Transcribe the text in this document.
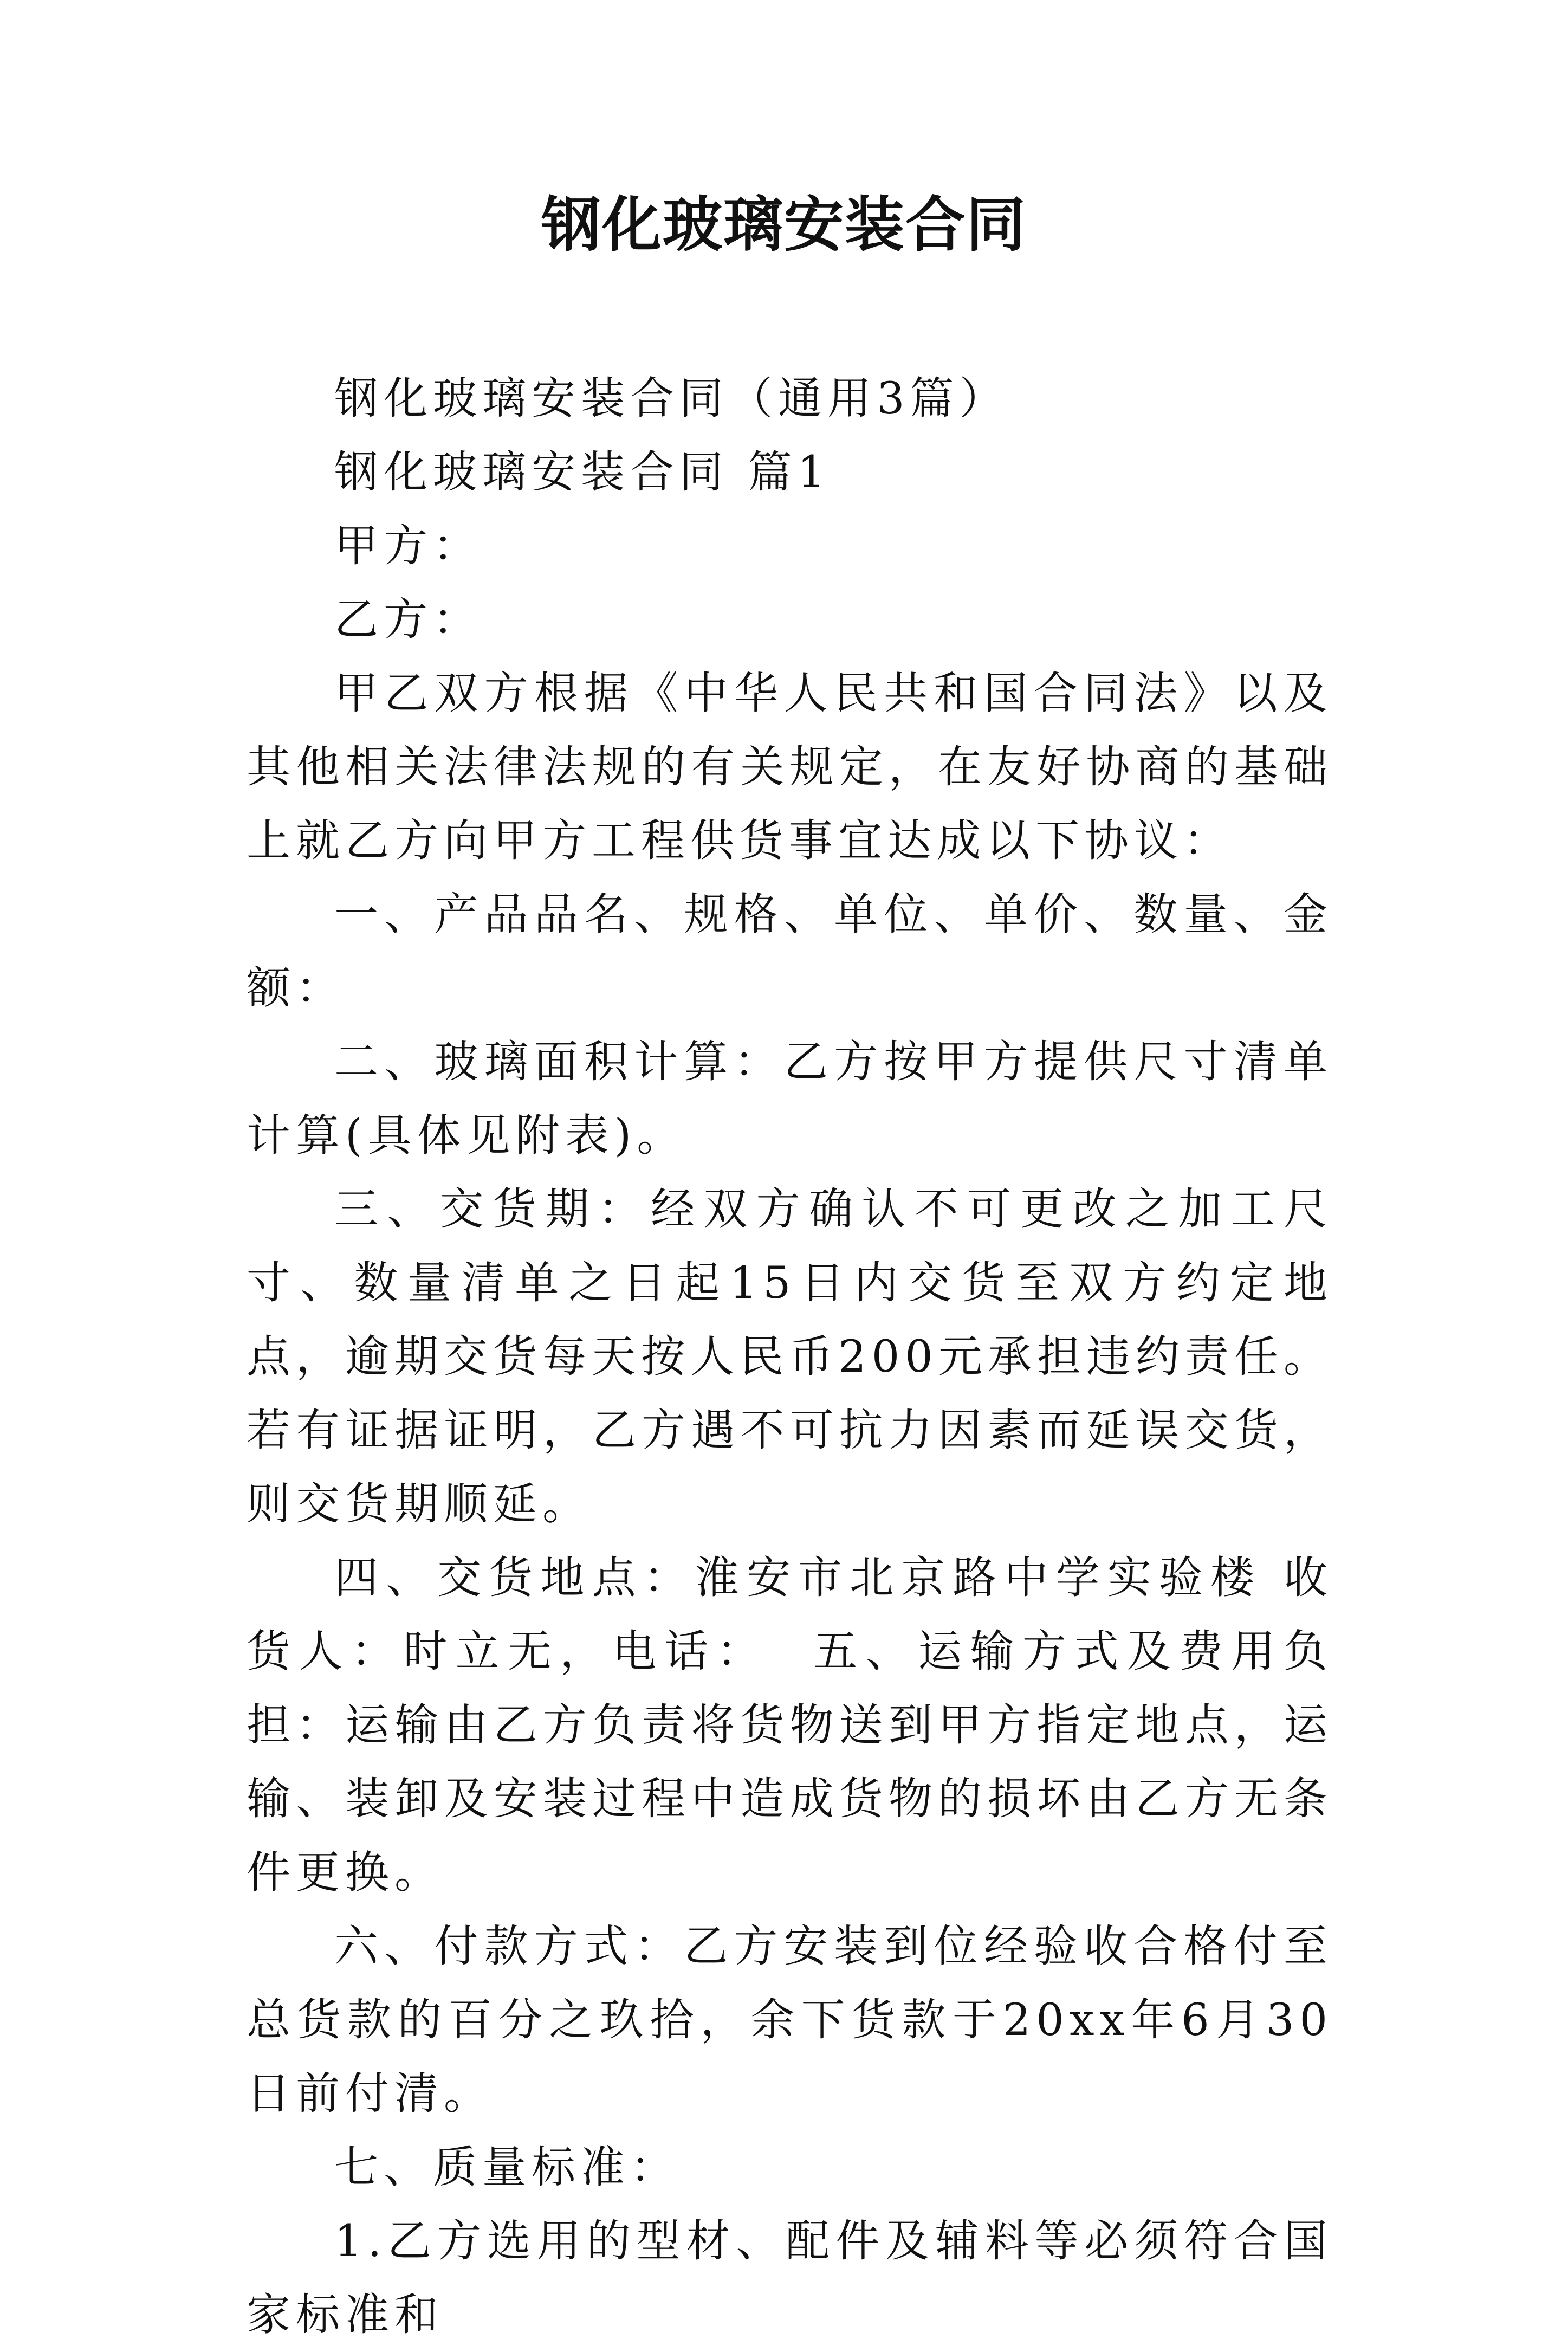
钢化玻璃安装合同

钢化玻璃安装合同（通用3篇）

钢化玻璃安装合同 篇1

甲方：

乙方：

甲乙双方根据《中华人民共和国合同法》以及其他相关法律法规的有关规定，在友好协商的基础上就乙方向甲方工程供货事宜达成以下协议：

一、产品品名、规格、单位、单价、数量、金额：

二、玻璃面积计算：乙方按甲方提供尺寸清单计算(具体见附表)。

三、交货期：经双方确认不可更改之加工尺寸、数量清单之日起15日内交货至双方约定地点，逾期交货每天按人民币200元承担违约责任。若有证据证明，乙方遇不可抗力因素而延误交货，则交货期顺延。

四、交货地点：淮安市北京路中学实验楼 收货人：时立无，电话：  五、运输方式及费用负担：运输由乙方负责将货物送到甲方指定地点，运输、装卸及安装过程中造成货物的损坏由乙方无条件更换。

六、付款方式：乙方安装到位经验收合格付至总货款的百分之玖拾，余下货款于20xx年6月30日前付清。

七、质量标准：

1.乙方选用的型材、配件及辅料等必须符合国家标准和
